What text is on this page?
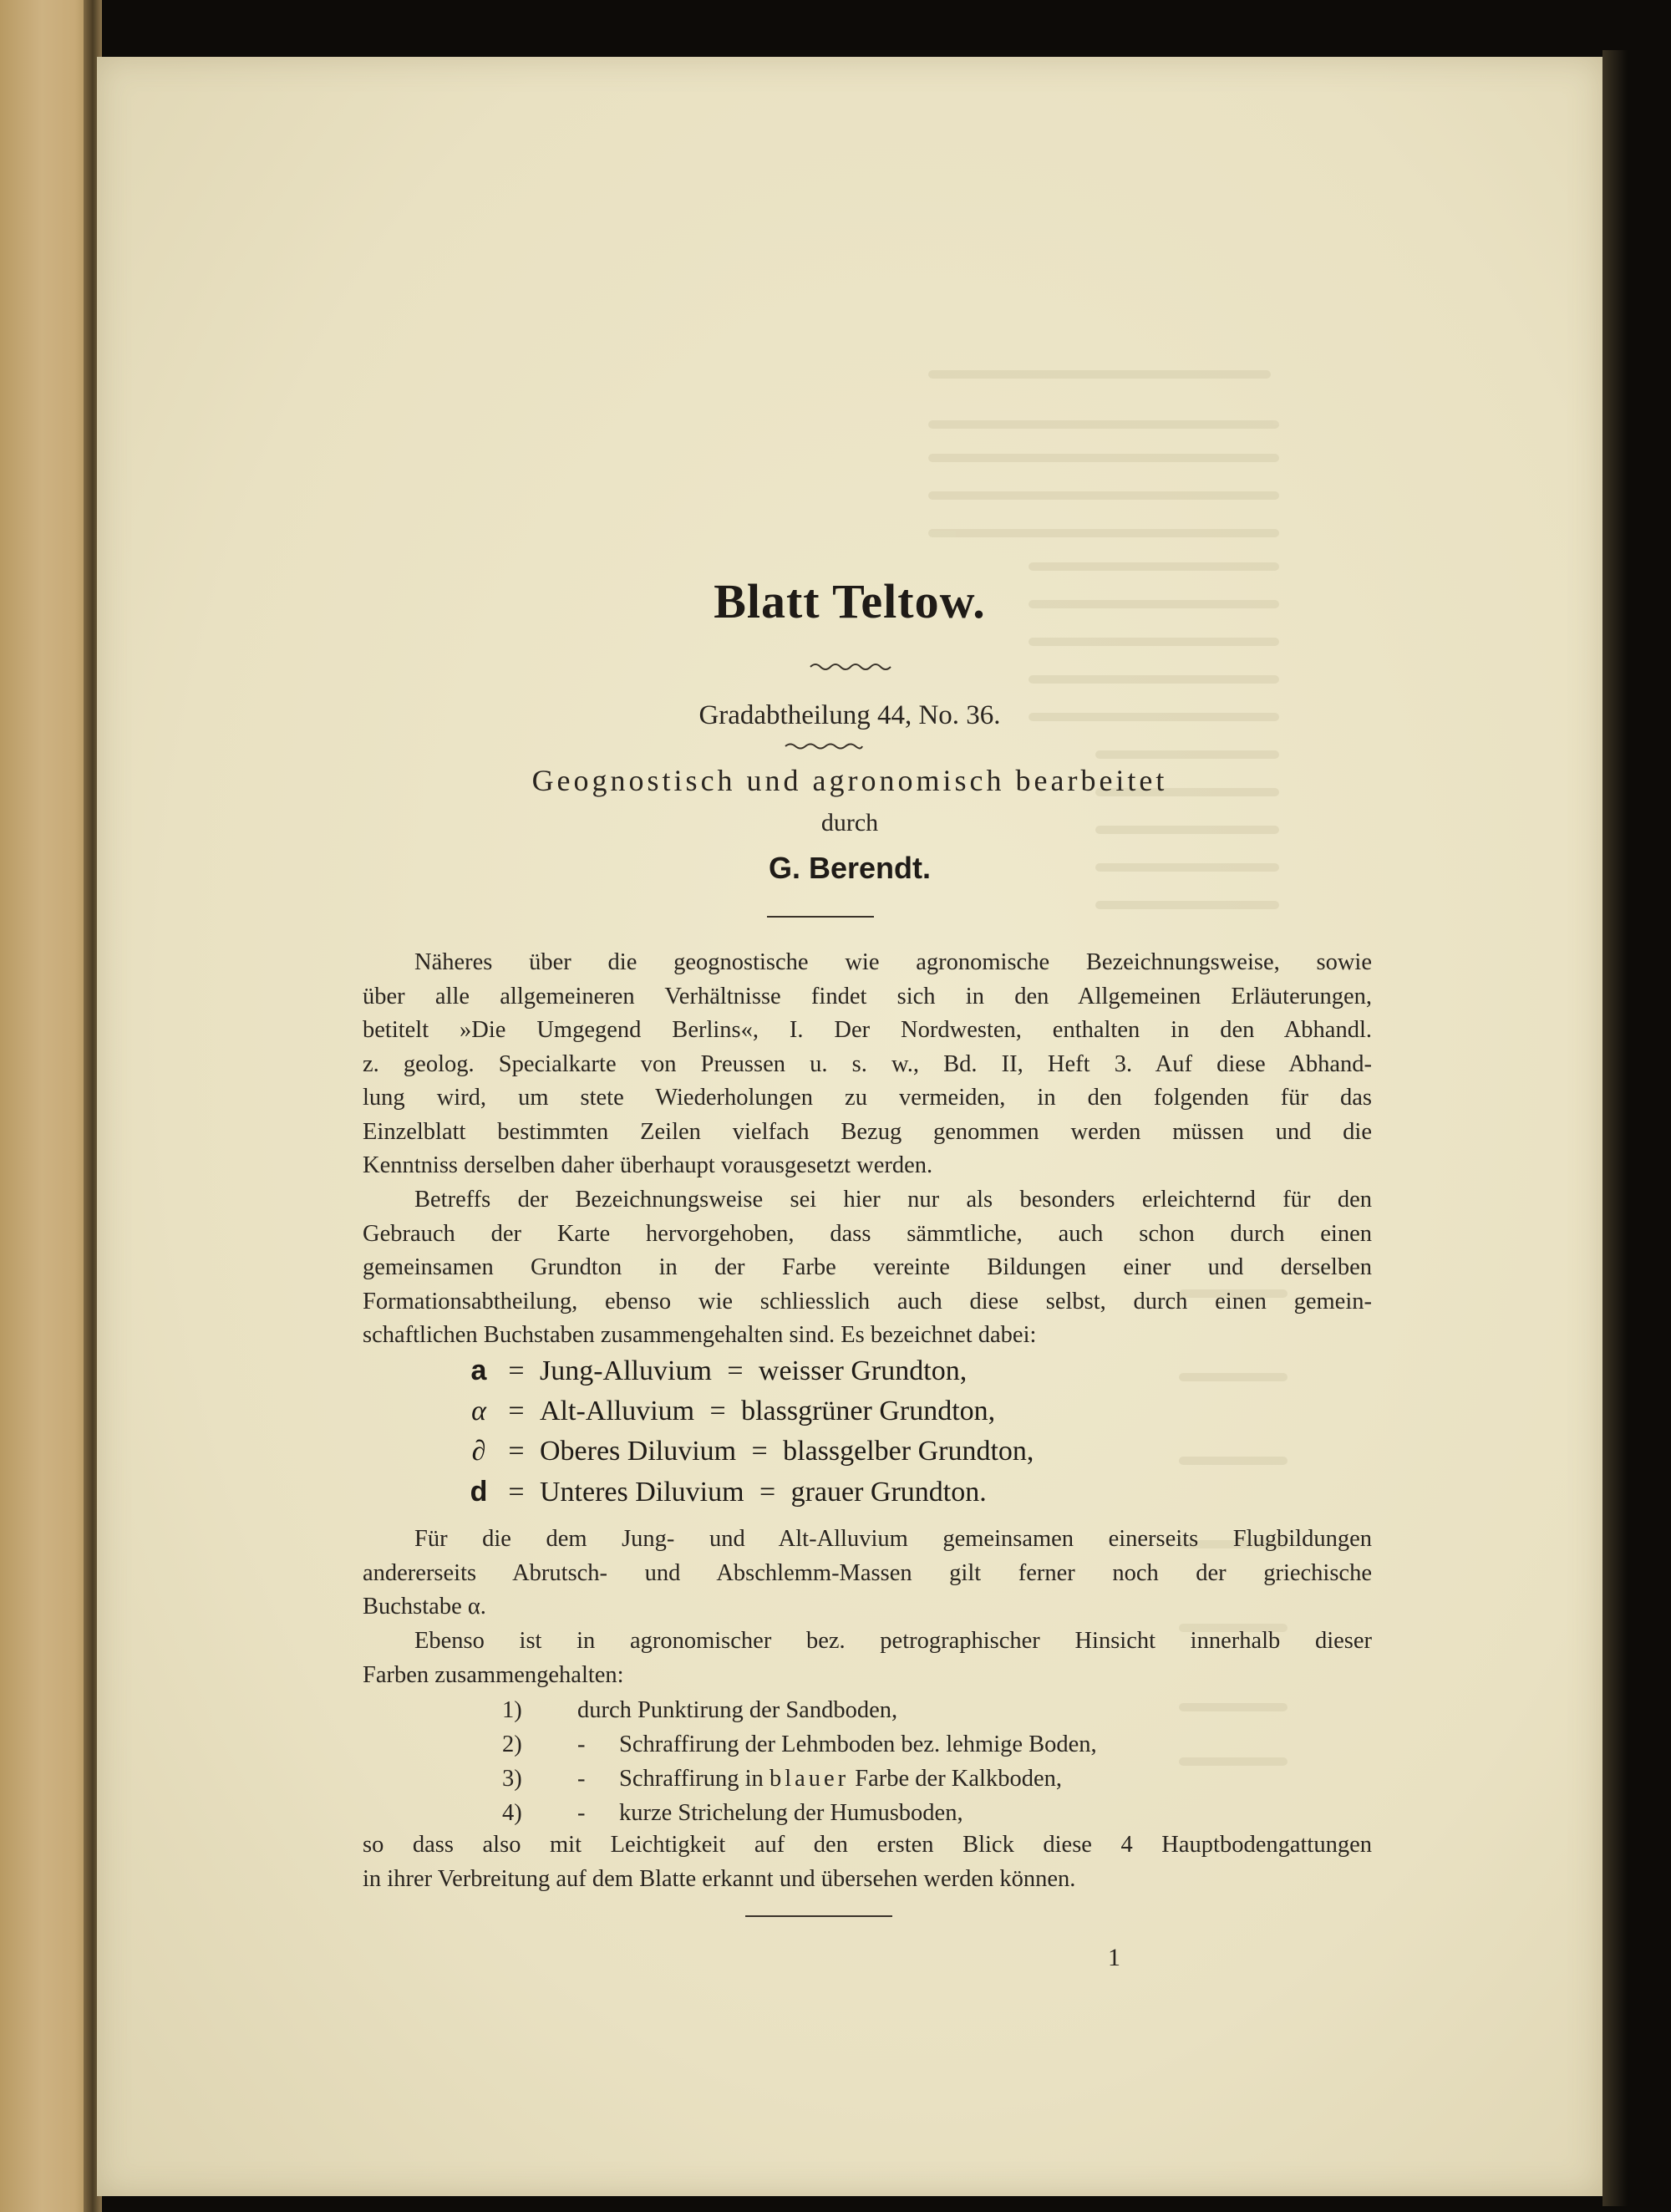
Blatt Teltow.
Gradabtheilung 44, No. 36.
Geognostisch und agronomisch bearbeitet
durch
G. Berendt.
Näheres über die geognostische wie agronomische Bezeichnungsweise, sowie
über alle allgemeineren Verhältnisse findet sich in den Allgemeinen Erläuterungen,
betitelt »Die Umgegend Berlins«, I. Der Nordwesten, enthalten in den Abhandl.
z. geolog. Specialkarte von Preussen u. s. w., Bd. II, Heft 3. Auf diese Abhand-
lung wird, um stete Wiederholungen zu vermeiden, in den folgenden für das
Einzelblatt bestimmten Zeilen vielfach Bezug genommen werden müssen und die
Kenntniss derselben daher überhaupt vorausgesetzt werden.
Betreffs der Bezeichnungsweise sei hier nur als besonders erleichternd für den
Gebrauch der Karte hervorgehoben, dass sämmtliche, auch schon durch einen
gemeinsamen Grundton in der Farbe vereinte Bildungen einer und derselben
Formationsabtheilung, ebenso wie schliesslich auch diese selbst, durch einen gemein-
schaftlichen Buchstaben zusammengehalten sind. Es bezeichnet dabei:
a = Jung-Alluvium = weisser Grundton,
α = Alt-Alluvium = blassgrüner Grundton,
∂ = Oberes Diluvium = blassgelber Grundton,
d = Unteres Diluvium = grauer Grundton.
Für die dem Jung- und Alt-Alluvium gemeinsamen einerseits Flugbildungen
andererseits Abrutsch- und Abschlemm-Massen gilt ferner noch der griechische
Buchstabe α.
Ebenso ist in agronomischer bez. petrographischer Hinsicht innerhalb dieser
Farben zusammengehalten:
1)	durch Punktirung der Sandboden,
2)	-	Schraffirung der Lehmboden bez. lehmige Boden,
3)	-	Schraffirung in blauer Farbe der Kalkboden,
4)	-	kurze Strichelung der Humusboden,
so dass also mit Leichtigkeit auf den ersten Blick diese 4 Hauptbodengattungen
in ihrer Verbreitung auf dem Blatte erkannt und übersehen werden können.
1
